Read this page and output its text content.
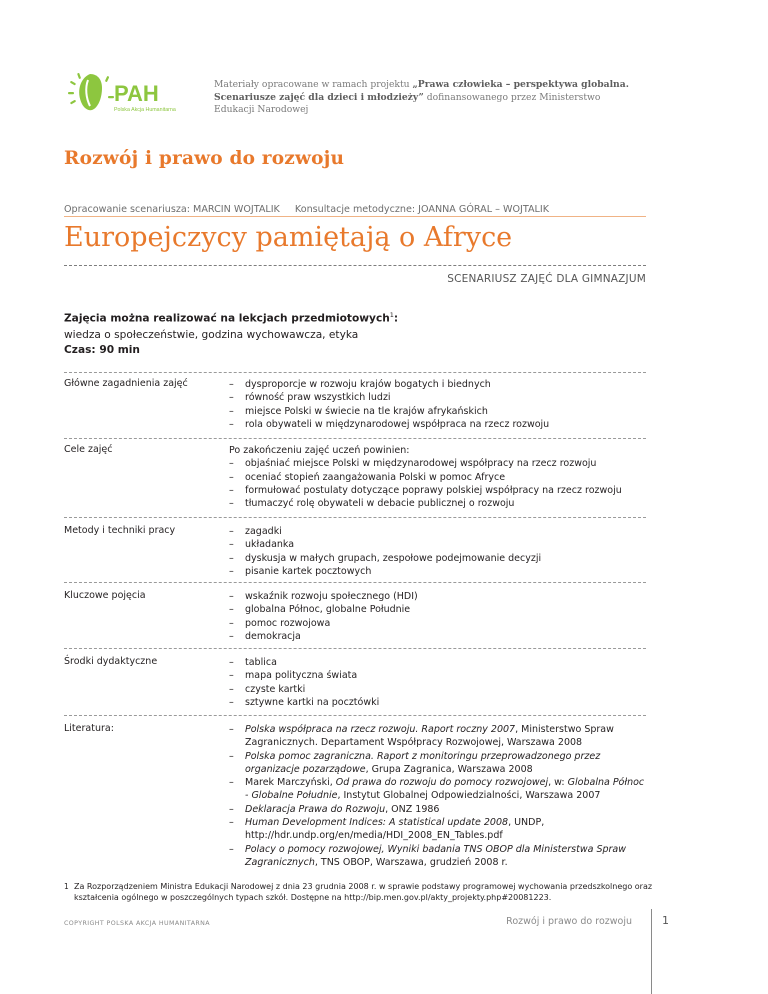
PAH
Polska Akcja Humanitarna
Materiały opracowane w ramach projektu „Prawa człowieka – perspektywa globalna.
Scenariusze zajęć dla dzieci i młodzieży” dofinansowanego przez Ministerstwo
Edukacji Narodowej
Rozwój i prawo do rozwoju
Opracowanie scenariusza: MARCIN WOJTALIK Konsultacje metodyczne: JOANNA GÓRAL – WOJTALIK
Europejczycy pamiętają o Afryce
SCENARIUSZ ZAJĘĆ DLA GIMNAZJUM
Zajęcia można realizować na lekcjach przedmiotowych$^1$:
wiedza o społeczeństwie, godzina wychowawcza, etyka
Czas: 90 min
Główne zagadnienia zajęć	– dysproporcje w rozwoju krajów bogatych i biednych
– równość praw wszystkich ludzi
– miejsce Polski w świecie na tle krajów afrykańskich
– rola obywateli w międzynarodowej współpraca na rzecz rozwoju
Cele zajęć	Po zakończeniu zajęć uczeń powinien:
– objaśniać miejsce Polski w międzynarodowej współpracy na rzecz rozwoju
– oceniać stopień zaangażowania Polski w pomoc Afryce
– formułować postulaty dotyczące poprawy polskiej współpracy na rzecz rozwoju
– tłumaczyć rolę obywateli w debacie publicznej o rozwoju
Metody i techniki pracy	– zagadki
– układanka
– dyskusja w małych grupach, zespołowe podejmowanie decyzji
– pisanie kartek pocztowych
Kluczowe pojęcia	– wskaźnik rozwoju społecznego (HDI)
– globalna Północ, globalne Południe
– pomoc rozwojowa
– demokracja
Środki dydaktyczne	– tablica
– mapa polityczna świata
– czyste kartki
– sztywne kartki na pocztówki
Literatura:	– Polska współpraca na rzecz rozwoju. Raport roczny 2007, Ministerstwo Spraw Zagranicznych. Departament Współpracy Rozwojowej, Warszawa 2008
– Polska pomoc zagraniczna. Raport z monitoringu przeprowadzonego przez organizacje pozarządowe, Grupa Zagranica, Warszawa 2008
– Marek Marczyński, Od prawa do rozwoju do pomocy rozwojowej, w: Globalna Północ - Globalne Południe, Instytut Globalnej Odpowiedzialności, Warszawa 2007
– Deklaracja Prawa do Rozwoju, ONZ 1986
– Human Development Indices: A statistical update 2008, UNDP, http://hdr.undp.org/en/media/HDI_2008_EN_Tables.pdf
– Polacy o pomocy rozwojowej, Wyniki badania TNS OBOP dla Ministerstwa Spraw Zagranicznych, TNS OBOP, Warszawa, grudzień 2008 r.
1 Za Rozporządzeniem Ministra Edukacji Narodowej z dnia 23 grudnia 2008 r. w sprawie podstawy programowej wychowania przedszkolnego oraz kształcenia ogólnego w poszczególnych typach szkół. Dostępne na http://bip.men.gov.pl/akty_projekty.php#20081223.
COPYRIGHT POLSKA AKCJA HUMANITARNA	Rozwój i prawo do rozwoju	1
